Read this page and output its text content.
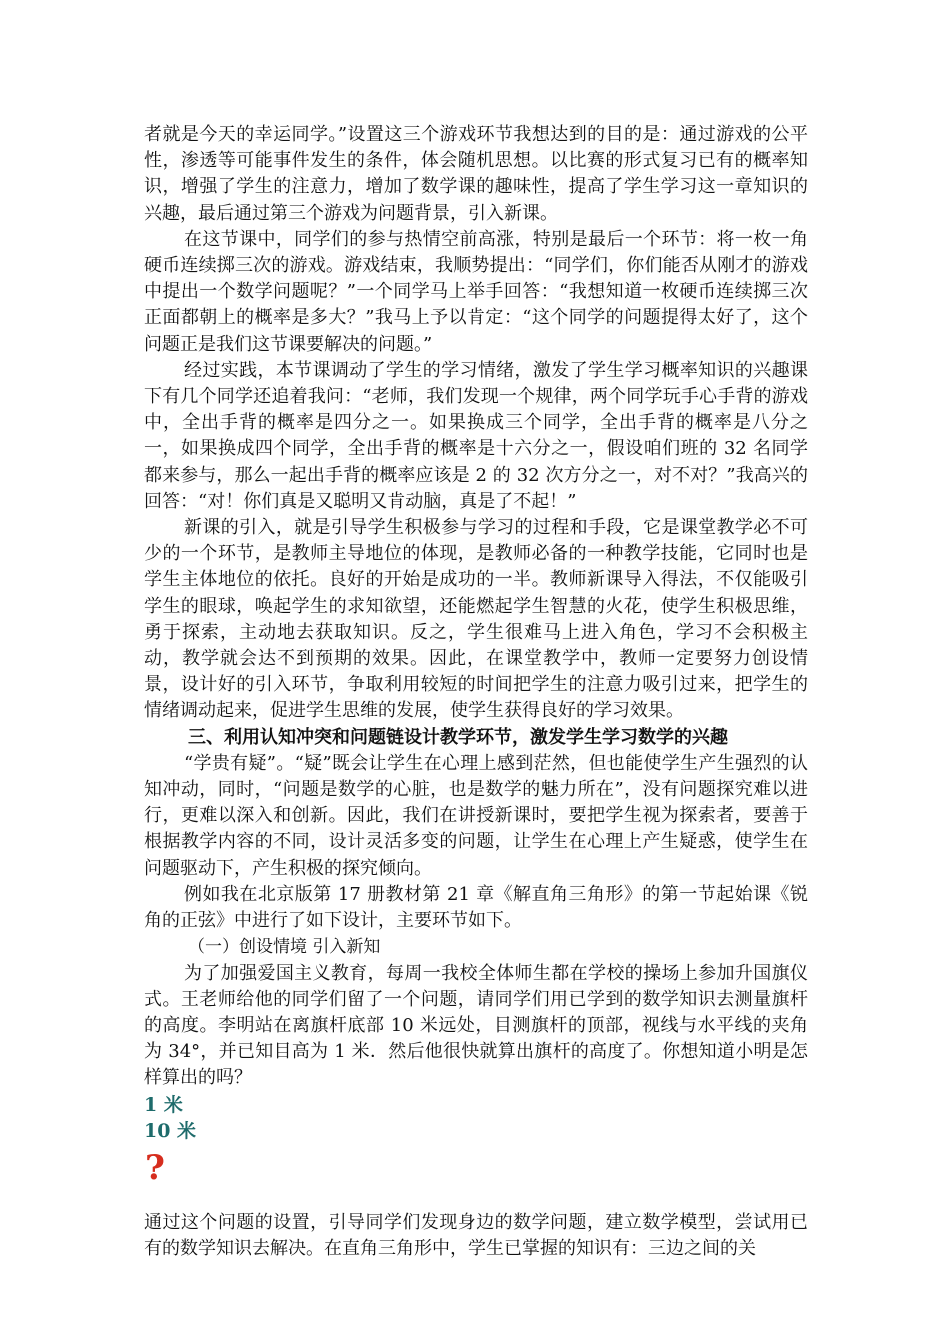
者就是今天的幸运同学。”设置这三个游戏环节我想达到的目的是：通过游戏的公平性，渗透等可能事件发生的条件，体会随机思想。以比赛的形式复习已有的概率知识，增强了学生的注意力，增加了数学课的趣味性，提高了学生学习这一章知识的兴趣，最后通过第三个游戏为问题背景，引入新课。

在这节课中，同学们的参与热情空前高涨，特别是最后一个环节：将一枚一角硬币连续掷三次的游戏。游戏结束，我顺势提出：“同学们，你们能否从刚才的游戏中提出一个数学问题呢？”一个同学马上举手回答：“我想知道一枚硬币连续掷三次正面都朝上的概率是多大？”我马上予以肯定：“这个同学的问题提得太好了，这个问题正是我们这节课要解决的问题。”

经过实践，本节课调动了学生的学习情绪，激发了学生学习概率知识的兴趣课下有几个同学还追着我问：“老师，我们发现一个规律，两个同学玩手心手背的游戏中，全出手背的概率是四分之一。如果换成三个同学，全出手背的概率是八分之一，如果换成四个同学，全出手背的概率是十六分之一，假设咱们班的 32 名同学都来参与，那么一起出手背的概率应该是 2 的 32 次方分之一，对不对？”我高兴的回答：“对！你们真是又聪明又肯动脑，真是了不起！”

新课的引入，就是引导学生积极参与学习的过程和手段，它是课堂教学必不可少的一个环节，是教师主导地位的体现，是教师必备的一种教学技能，它同时也是学生主体地位的依托。良好的开始是成功的一半。教师新课导入得法，不仅能吸引学生的眼球，唤起学生的求知欲望，还能燃起学生智慧的火花，使学生积极思维，勇于探索，主动地去获取知识。反之，学生很难马上进入角色，学习不会积极主动，教学就会达不到预期的效果。因此，在课堂教学中，教师一定要努力创设情景，设计好的引入环节，争取利用较短的时间把学生的注意力吸引过来，把学生的情绪调动起来，促进学生思维的发展，使学生获得良好的学习效果。

三、利用认知冲突和问题链设计教学环节，激发学生学习数学的兴趣

“学贵有疑”。“疑”既会让学生在心理上感到茫然，但也能使学生产生强烈的认知冲动，同时，“问题是数学的心脏，也是数学的魅力所在”，没有问题探究难以进行，更难以深入和创新。因此，我们在讲授新课时，要把学生视为探索者，要善于根据教学内容的不同，设计灵活多变的问题，让学生在心理上产生疑惑，使学生在问题驱动下，产生积极的探究倾向。

例如我在北京版第 17 册教材第 21 章《解直角三角形》的第一节起始课《锐角的正弦》中进行了如下设计，主要环节如下。

（一）创设情境 引入新知

为了加强爱国主义教育，每周一我校全体师生都在学校的操场上参加升国旗仪式。王老师给他的同学们留了一个问题，请同学们用已学到的数学知识去测量旗杆的高度。李明站在离旗杆底部 10 米远处，目测旗杆的顶部，视线与水平线的夹角为 34°，并已知目高为 1 米．然后他很快就算出旗杆的高度了。你想知道小明是怎样算出的吗？

1 米

10 米

?

通过这个问题的设置，引导同学们发现身边的数学问题，建立数学模型，尝试用已有的数学知识去解决。在直角三角形中，学生已掌握的知识有：三边之间的关
